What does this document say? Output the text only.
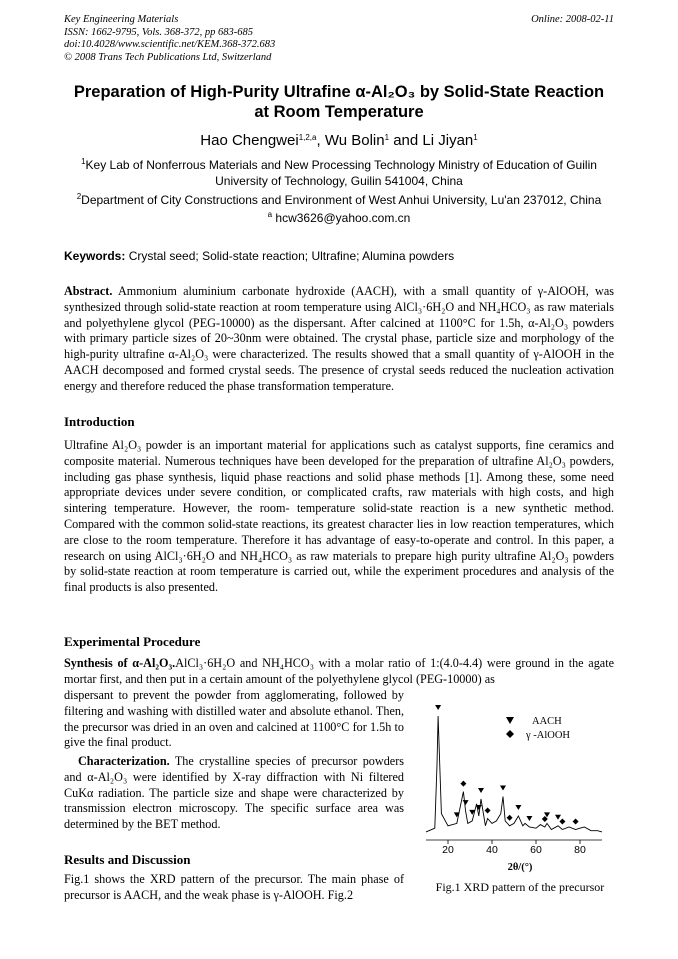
Key Engineering Materials
ISSN: 1662-9795, Vols. 368-372, pp 683-685
doi:10.4028/www.scientific.net/KEM.368-372.683
© 2008 Trans Tech Publications Ltd, Switzerland
Online: 2008-02-11
Preparation of High-Purity Ultrafine α-Al₂O₃ by Solid-State Reaction
at Room Temperature
Hao Chengwei$^{1,2,a}$, Wu Bolin$^1$ and Li Jiyan$^1$
$^1$Key Lab of Nonferrous Materials and New Processing Technology Ministry of Education of Guilin University of Technology, Guilin 541004, China
$^2$Department of City Constructions and Environment of West Anhui University, Lu'an 237012, China
$^a$ hcw3626@yahoo.com.cn
Keywords: Crystal seed; Solid-state reaction; Ultrafine; Alumina powders
Abstract. Ammonium aluminium carbonate hydroxide (AACH), with a small quantity of γ-AlOOH, was synthesized through solid-state reaction at room temperature using AlCl₃·6H₂O and NH₄HCO₃ as raw materials and polyethylene glycol (PEG-10000) as the dispersant. After calcined at 1100°C for 1.5h, α-Al₂O₃ powders with primary particle sizes of 20~30nm were obtained. The crystal phase, particle size and morphology of the high-purity ultrafine α-Al₂O₃ were characterized. The results showed that a small quantity of γ-AlOOH in the AACH decomposed and formed crystal seeds. The presence of crystal seeds reduced the nucleation activation energy and therefore reduced the phase transformation temperature.
Introduction
Ultrafine Al₂O₃ powder is an important material for applications such as catalyst supports, fine ceramics and composite material. Numerous techniques have been developed for the preparation of ultrafine Al₂O₃ powders, including gas phase synthesis, liquid phase reactions and solid phase methods [1]. Among these, some need appropriate devices under severe condition, or complicated crafts, raw materials with high costs, and high sintering temperature. However, the room- temperature solid-state reaction is a new synthetic method. Compared with the common solid-state reactions, its greatest character lies in low reaction temperatures, which are close to the room temperature. Therefore it has advantage of easy-to-operate and control. In this paper, a research on using AlCl₃·6H₂O and NH₄HCO₃ as raw materials to prepare high purity ultrafine Al₂O₃ powders by solid-state reaction at room temperature is carried out, while the experiment procedures and analysis of the final products is also presented.
Experimental Procedure
Synthesis of α-Al₂O₃.AlCl₃·6H₂O and NH₄HCO₃ with a molar ratio of 1:(4.0-4.4) were ground in the agate mortar first, and then put in a certain amount of the polyethylene glycol (PEG-10000) as
dispersant to prevent the powder from agglomerating, followed by filtering and washing with distilled water and absolute ethanol. Then, the precursor was dried in an oven and calcined at 1100°C for 1.5h to give the final product.
Characterization. The crystalline species of precursor powders and α-Al₂O₃ were identified by X-ray diffraction with Ni filtered CuKα radiation. The particle size and shape were characterized by transmission electron microscopy. The specific surface area was determined by the BET method.
Results and Discussion
Fig.1 shows the XRD pattern of the precursor. The main phase of precursor is AACH, and the weak phase is γ-AlOOH. Fig.2
AACH
γ -AlOOH
20	40	60	80
2θ/(°)
Fig.1 XRD pattern of the precursor
